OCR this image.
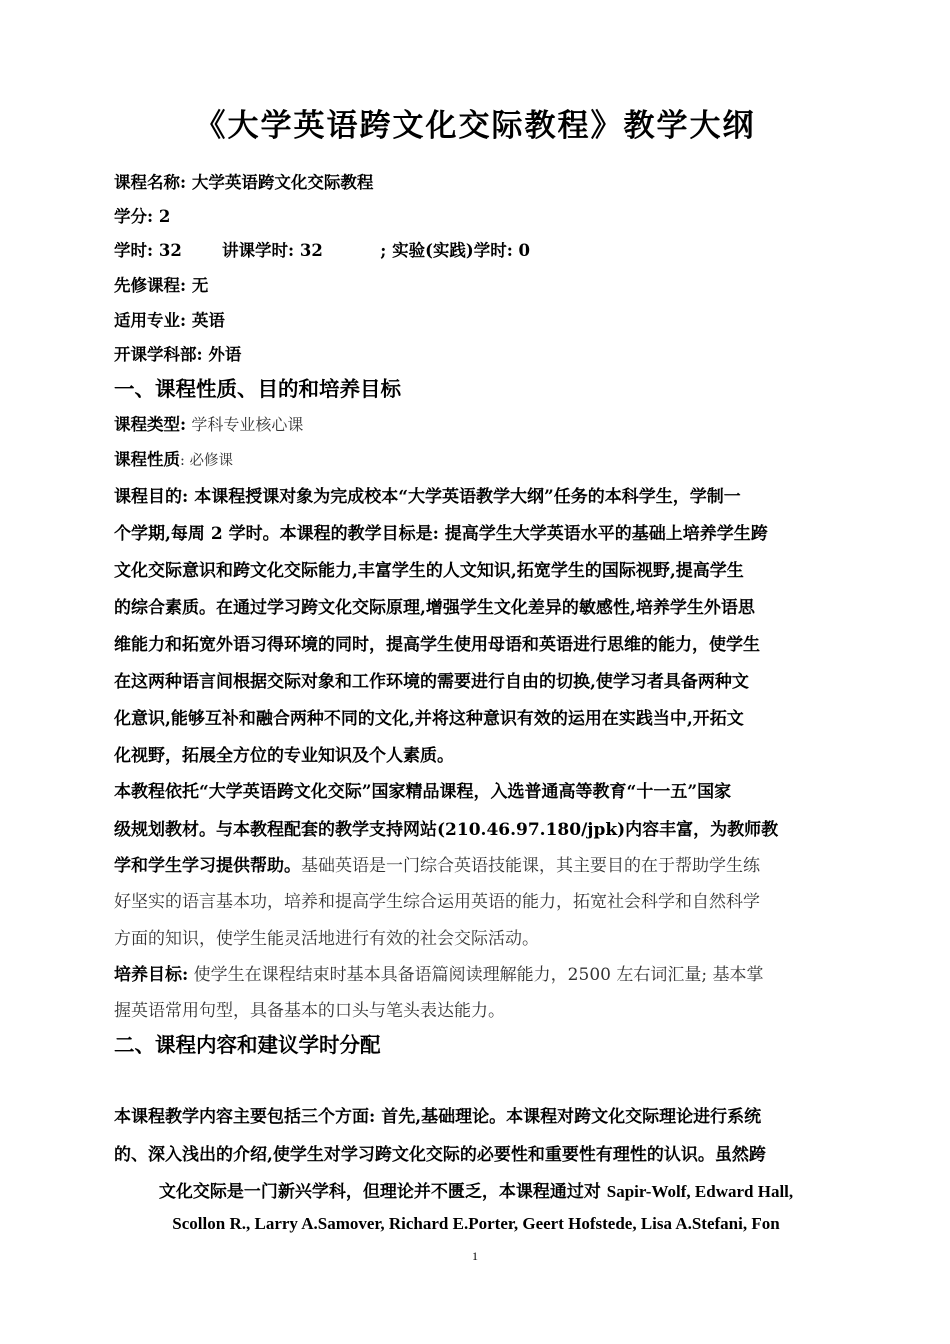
《大学英语跨文化交际教程》教学大纲
课程名称: 大学英语跨文化交际教程
学分: 2
学时: 32       讲课学时: 32          ; 实验(实践)学时: 0
先修课程: 无
适用专业: 英语
开课学科部: 外语
一、课程性质、目的和培养目标
课程类型: 学科专业核心课
课程性质: 必修课
课程目的: 本课程授课对象为完成校本“大学英语教学大纲”任务的本科学生，学制一
个学期,每周 2 学时。本课程的教学目标是: 提高学生大学英语水平的基础上培养学生跨
文化交际意识和跨文化交际能力,丰富学生的人文知识,拓宽学生的国际视野,提高学生
的综合素质。在通过学习跨文化交际原理,增强学生文化差异的敏感性,培养学生外语思
维能力和拓宽外语习得环境的同时，提高学生使用母语和英语进行思维的能力，使学生
在这两种语言间根据交际对象和工作环境的需要进行自由的切换,使学习者具备两种文
化意识,能够互补和融合两种不同的文化,并将这种意识有效的运用在实践当中,开拓文
化视野，拓展全方位的专业知识及个人素质。
本教程依托“大学英语跨文化交际”国家精品课程，入选普通高等教育“十一五”国家
级规划教材。与本教程配套的教学支持网站(210.46.97.180/jpk)内容丰富，为教师教
学和学生学习提供帮助。基础英语是一门综合英语技能课，其主要目的在于帮助学生练
好坚实的语言基本功，培养和提高学生综合运用英语的能力，拓宽社会科学和自然科学
方面的知识，使学生能灵活地进行有效的社会交际活动。
培养目标: 使学生在课程结束时基本具备语篇阅读理解能力，2500 左右词汇量; 基本掌
握英语常用句型，具备基本的口头与笔头表达能力。
二、课程内容和建议学时分配
本课程教学内容主要包括三个方面: 首先,基础理论。本课程对跨文化交际理论进行系统
的、深入浅出的介绍,使学生对学习跨文化交际的必要性和重要性有理性的认识。虽然跨
文化交际是一门新兴学科，但理论并不匮乏，本课程通过对 Sapir-Wolf, Edward Hall,
Scollon R., Larry A.Samover, Richard E.Porter, Geert Hofstede, Lisa A.Stefani, Fon
1
